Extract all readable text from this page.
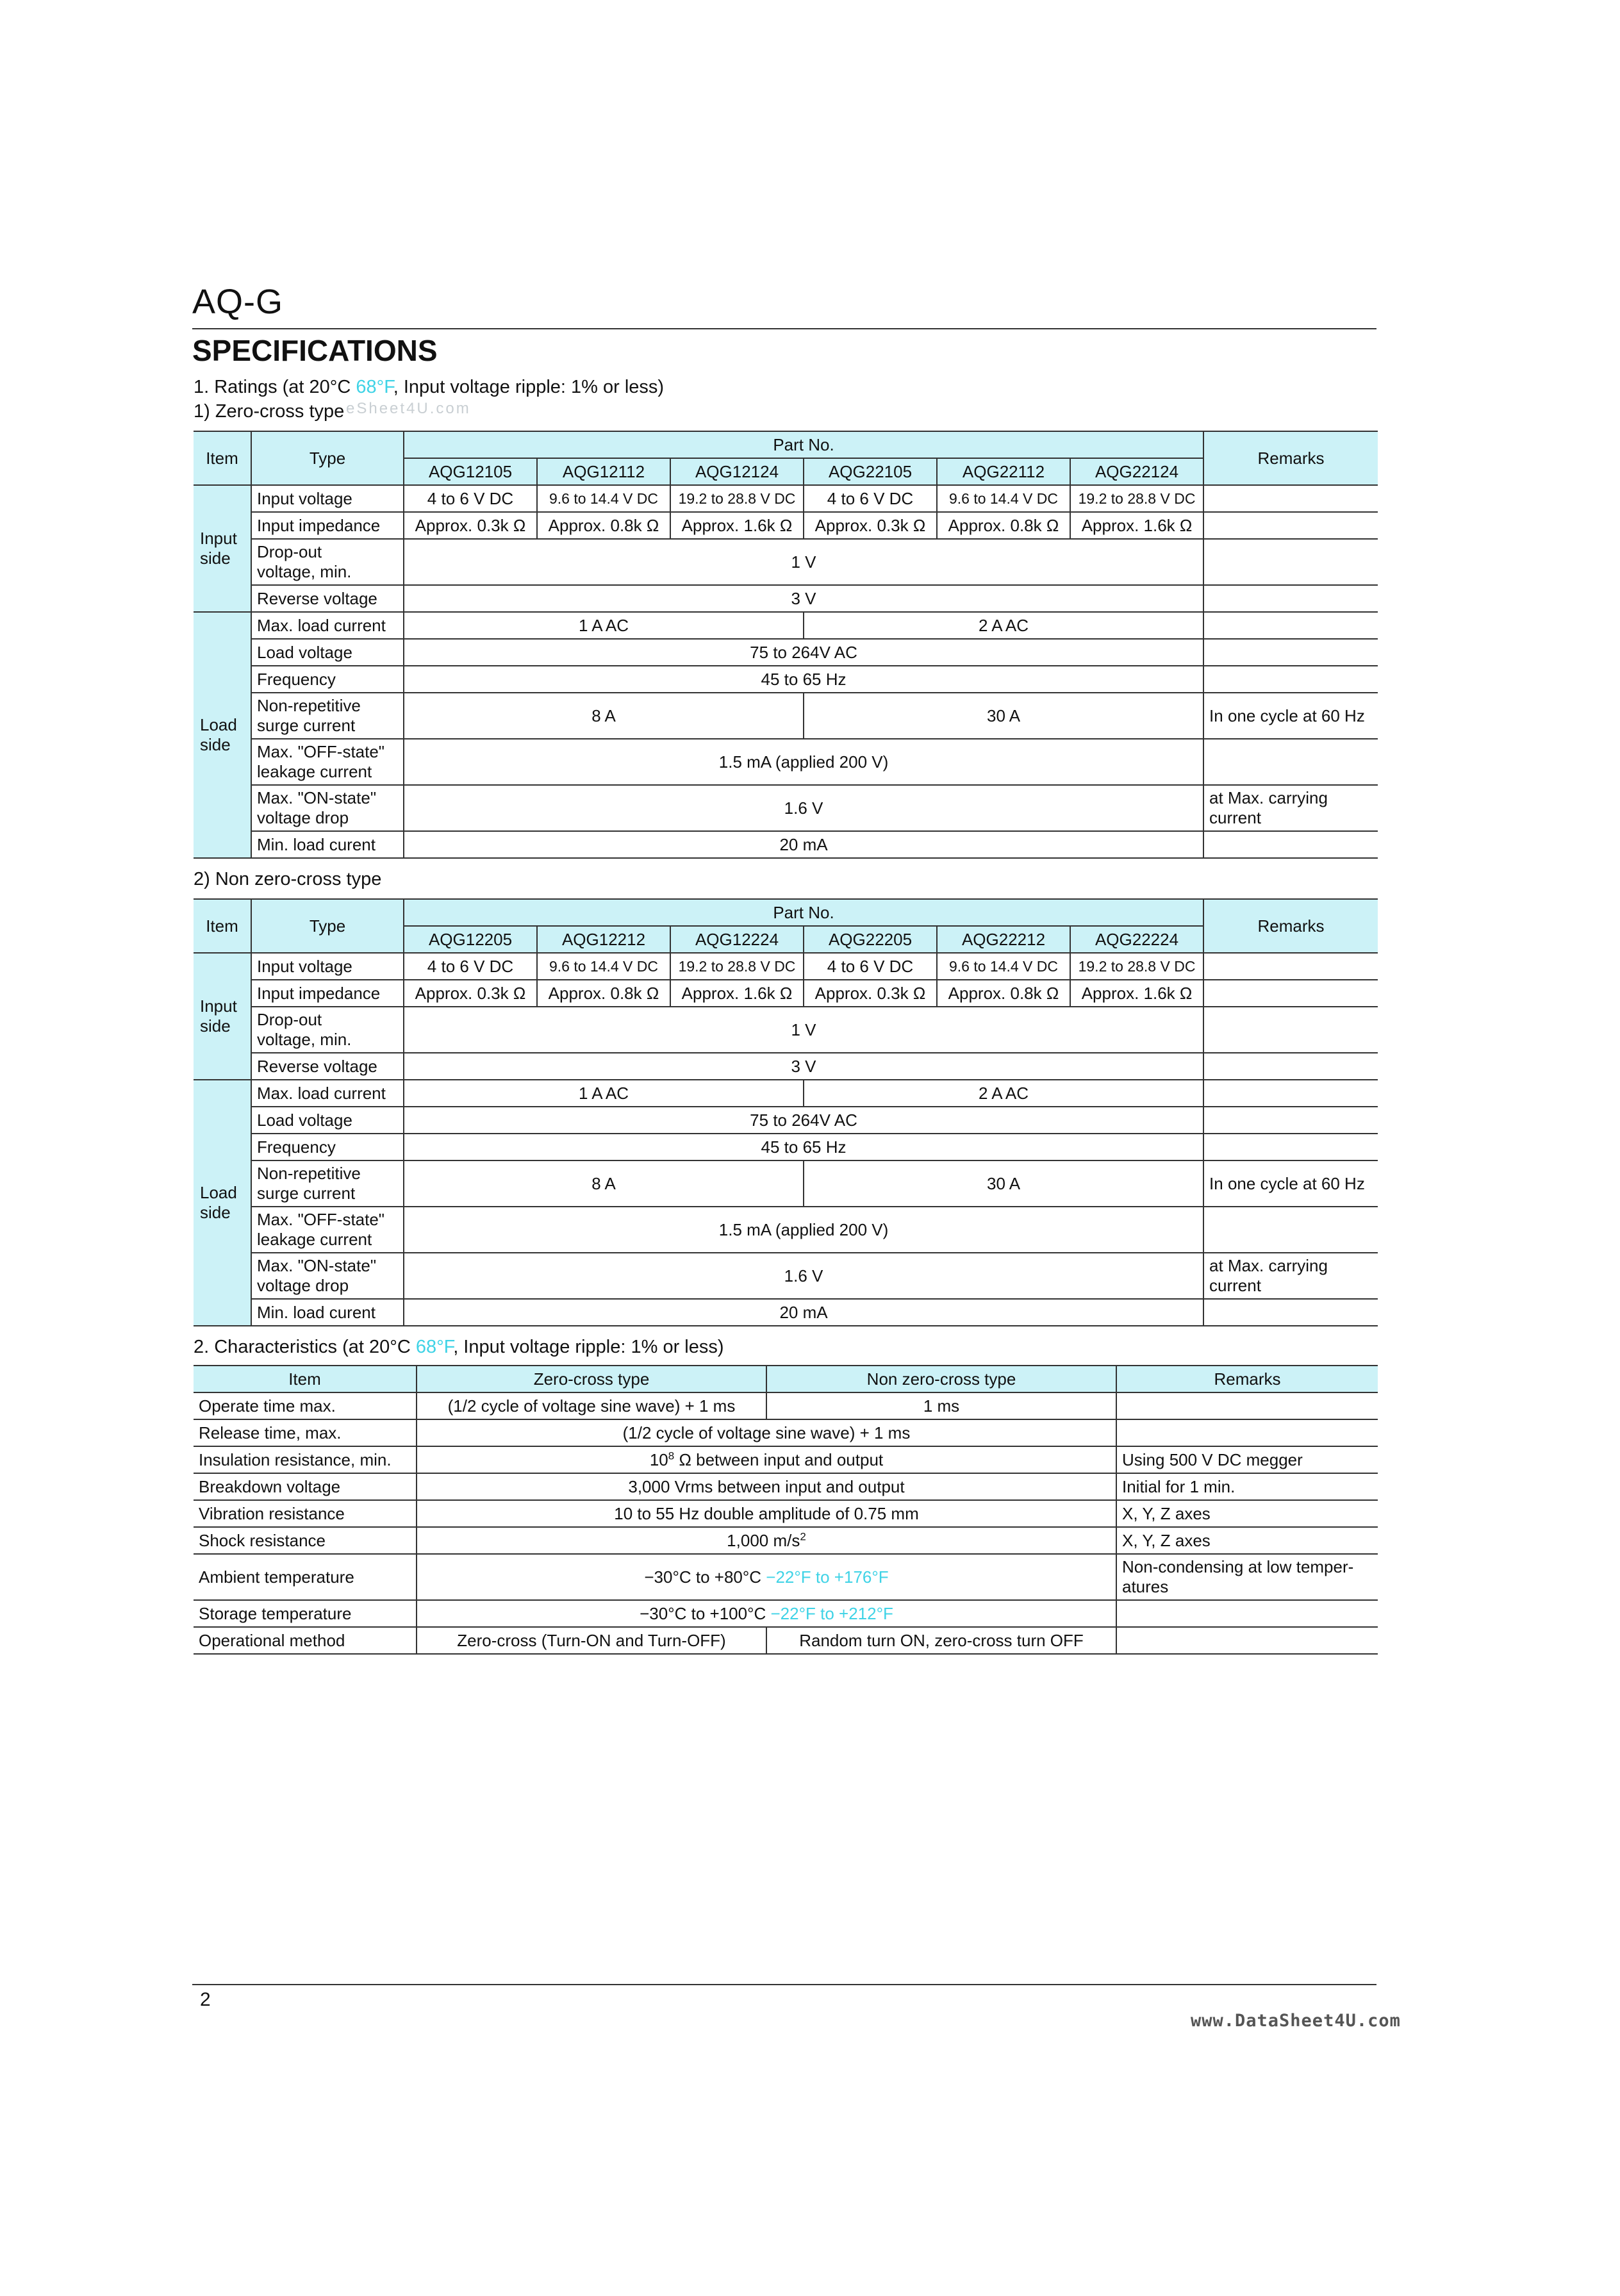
AQ-G
SPECIFICATIONS
1. Ratings (at 20°C 68°F, Input voltage ripple: 1% or less)
1) Zero-cross type eSheet4U.com
Item	Type	Part No.						Remarks
		AQG12105	AQG12112	AQG12124	AQG22105	AQG22112	AQG22124	
Input
side	Input voltage	4 to 6 V DC	9.6 to 14.4 V DC	19.2 to 28.8 V DC	4 to 6 V DC	9.6 to 14.4 V DC	19.2 to 28.8 V DC	
	Input impedance	Approx. 0.3k Ω	Approx. 0.8k Ω	Approx. 1.6k Ω	Approx. 0.3k Ω	Approx. 0.8k Ω	Approx. 1.6k Ω	
	Drop-out
voltage, min.	1 V						
	Reverse voltage	3 V						
Load
side	Max. load current	1 A AC			2 A AC			
	Load voltage	75 to 264V AC						
	Frequency	45 to 65 Hz						
	Non-repetitive
surge current	8 A			30 A			In one cycle at 60 Hz
	Max. "OFF-state"
leakage current	1.5 mA (applied 200 V)						
	Max. "ON-state"
voltage drop	1.6 V						at Max. carrying
current
	Min. load curent	20 mA						
2) Non zero-cross type
Item	Type	Part No.						Remarks
		AQG12205	AQG12212	AQG12224	AQG22205	AQG22212	AQG22224	
Input
side	Input voltage	4 to 6 V DC	9.6 to 14.4 V DC	19.2 to 28.8 V DC	4 to 6 V DC	9.6 to 14.4 V DC	19.2 to 28.8 V DC	
	Input impedance	Approx. 0.3k Ω	Approx. 0.8k Ω	Approx. 1.6k Ω	Approx. 0.3k Ω	Approx. 0.8k Ω	Approx. 1.6k Ω	
	Drop-out
voltage, min.	1 V						
	Reverse voltage	3 V						
Load
side	Max. load current	1 A AC			2 A AC			
	Load voltage	75 to 264V AC						
	Frequency	45 to 65 Hz						
	Non-repetitive
surge current	8 A			30 A			In one cycle at 60 Hz
	Max. "OFF-state"
leakage current	1.5 mA (applied 200 V)						
	Max. "ON-state"
voltage drop	1.6 V						at Max. carrying
current
	Min. load curent	20 mA						
2. Characteristics (at 20°C 68°F, Input voltage ripple: 1% or less)
Item	Zero-cross type	Non zero-cross type	Remarks
Operate time max.	(1/2 cycle of voltage sine wave) + 1 ms	1 ms	
Release time, max.	(1/2 cycle of voltage sine wave) + 1 ms		
Insulation resistance, min.	$10^8$ Ω between input and output		Using 500 V DC megger
Breakdown voltage	3,000 Vrms between input and output		Initial for 1 min.
Vibration resistance	10 to 55 Hz double amplitude of 0.75 mm		X, Y, Z axes
Shock resistance	1,000 $m/s^2$		X, Y, Z axes
Ambient temperature	−30°C to +80°C −22°F to +176°F		Non-condensing at low temper-
atures
Storage temperature	−30°C to +100°C −22°F to +212°F		
Operational method	Zero-cross (Turn-ON and Turn-OFF)	Random turn ON, zero-cross turn OFF	
2
www.DataSheet4U.com
